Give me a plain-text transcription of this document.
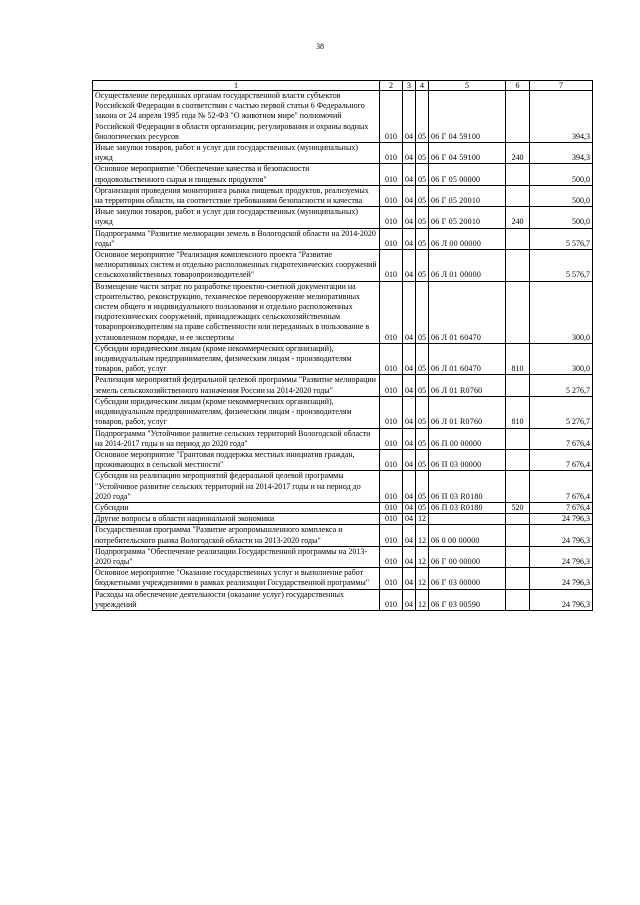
38
1	2	3	4	5	6	7
Осуществление переданных органам государственной власти субъектов Российской Федерации в соответствии с частью первой статьи 6 Федерального закона от 24 апреля 1995 года № 52-ФЗ "О животном мире" полномочий Российской Федерации в области организации, регулирования и охраны водных биологических ресурсов	010	04	05	06 Г 04 59100		394,3
Иные закупки товаров, работ и услуг для государственных (муниципальных) нужд	010	04	05	06 Г 04 59100	240	394,3
Основное мероприятие "Обеспечение качества и безопасности продовольственного сырья и пищевых продуктов"	010	04	05	06 Г 05 00000		500,0
Организация проведения мониторинга рынка пищевых продуктов, реализуемых на территории области, на соответствие требованиям безопасности и качества	010	04	05	06 Г 05 20010		500,0
Иные закупки товаров, работ и услуг для государственных (муниципальных) нужд	010	04	05	06 Г 05 20010	240	500,0
Подпрограмма "Развитие мелиорации земель в Вологодской области на 2014-2020 годы"	010	04	05	06 Л 00 00000		5 576,7
Основное мероприятие "Реализация комплексного проекта "Развитие мелиоративных систем и отдельно расположенных гидротехнических сооружений сельскохозяйственных товаропроизводителей"	010	04	05	06 Л 01 00000		5 576,7
Возмещение части затрат по разработке проектно-сметной документации на строительство, реконструкцию, техническое перевооружение мелиоративных систем общего и индивидуального пользования и отдельно расположенных гидротехнических сооружений, принадлежащих сельскохозяйственным товаропроизводителям на праве собственности или переданных в пользование в установленном порядке, и ее экспертизы	010	04	05	06 Л 01 60470		300,0
Субсидии юридическим лицам (кроме некоммерческих организаций), индивидуальным предпринимателям, физическим лицам - производителям товаров, работ, услуг	010	04	05	06 Л 01 60470	810	300,0
Реализация мероприятий федеральной целевой программы "Развитие мелиорации земель сельскохозяйственного назначения России на 2014-2020 годы"	010	04	05	06 Л 01 R0760		5 276,7
Субсидии юридическим лицам (кроме некоммерческих организаций), индивидуальным предпринимателям, физическим лицам - производителям товаров, работ, услуг	010	04	05	06 Л 01 R0760	810	5 276,7
Подпрограмма "Устойчивое развитие сельских территорий Вологодской области на 2014-2017 годы и на период до 2020 года"	010	04	05	06 П 00 00000		7 676,4
Основное мероприятие "Грантовая поддержка местных инициатив граждан, проживающих в сельской местности"	010	04	05	06 П 03 00000		7 676,4
Субсидия на реализацию мероприятий федеральной целевой программы "Устойчивое развитие сельских территорий на 2014-2017 годы и на период до 2020 года"	010	04	05	06 П 03 R0180		7 676,4
Субсидии	010	04	05	06 П 03 R0180	520	7 676,4
Другие вопросы в области национальной экономики	010	04	12			24 796,3
Государственная программа "Развитие агропромышленного комплекса и потребительского рынка Вологодской области на 2013-2020 годы"	010	04	12	06 0 00 00000		24 796,3
Подпрограмма "Обеспечение реализации Государственной программы на 2013-2020 годы"	010	04	12	06 Г 00 00000		24 796,3
Основное мероприятие "Оказание государственных услуг и выполнение работ бюджетными учреждениями в рамках реализации Государственной программы"	010	04	12	06 Г 03 00000		24 796,3
Расходы на обеспечение деятельности (оказание услуг) государственных учреждений	010	04	12	06 Г 03 00590		24 796,3
